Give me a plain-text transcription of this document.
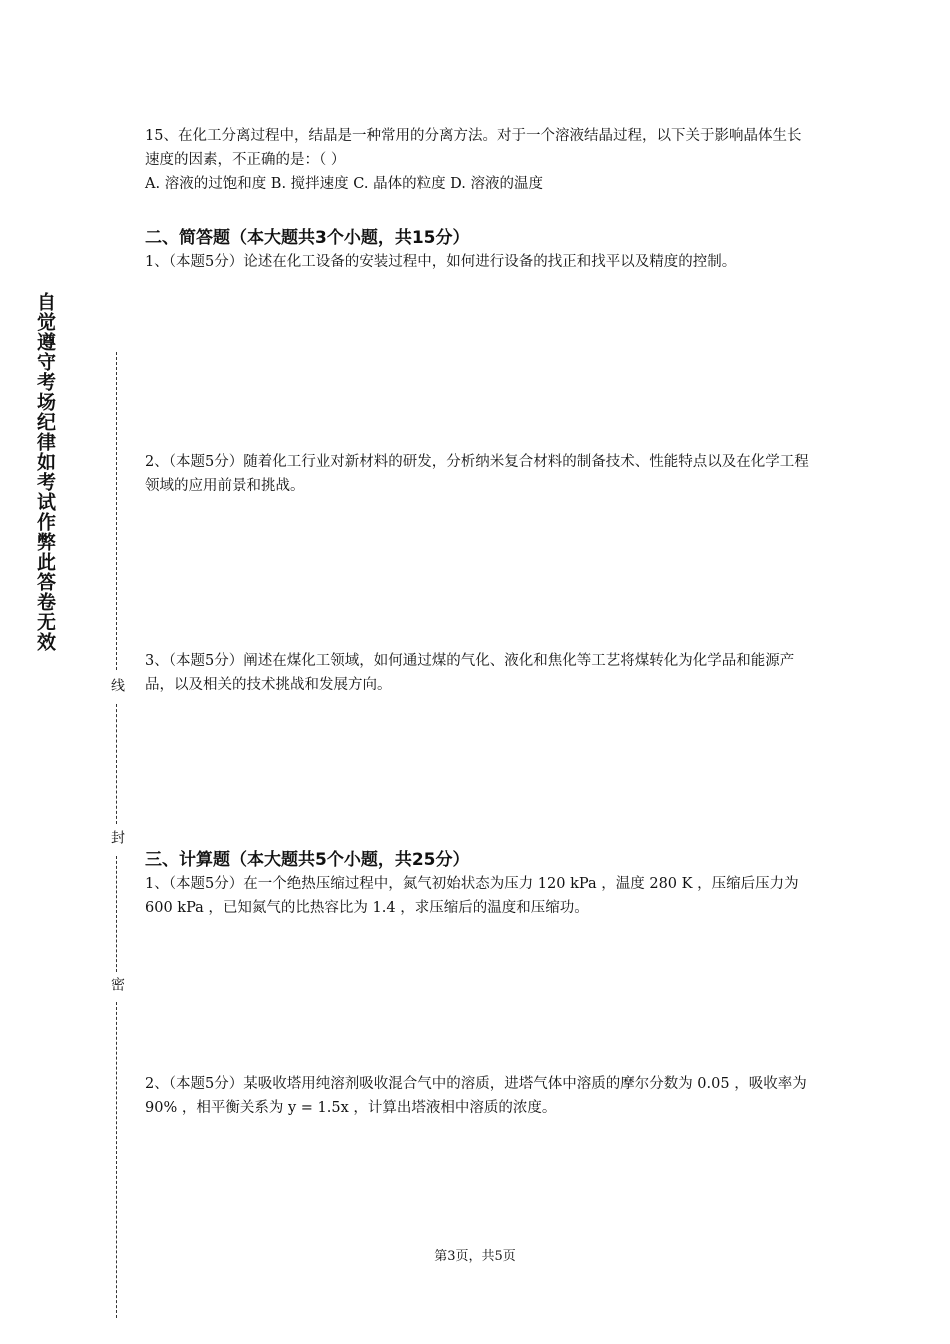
自觉遵守考场纪律如考试作弊此答卷无效
线
封
密

15、在化工分离过程中，结晶是一种常用的分离方法。对于一个溶液结晶过程，以下关于影响晶体生长速度的因素，不正确的是：（ ）

A. 溶液的过饱和度 B. 搅拌速度 C. 晶体的粒度 D. 溶液的温度

二、简答题（本大题共3个小题，共15分）

1、（本题5分）论述在化工设备的安装过程中，如何进行设备的找正和找平以及精度的控制。

2、（本题5分）随着化工行业对新材料的研发，分析纳米复合材料的制备技术、性能特点以及在化学工程领域的应用前景和挑战。

3、（本题5分）阐述在煤化工领域，如何通过煤的气化、液化和焦化等工艺将煤转化为化学品和能源产品，以及相关的技术挑战和发展方向。

三、计算题（本大题共5个小题，共25分）

1、（本题5分）在一个绝热压缩过程中，氮气初始状态为压力 120 kPa ，温度 280 K ，压缩后压力为 600 kPa ，已知氮气的比热容比为 1.4 ，求压缩后的温度和压缩功。

2、（本题5分）某吸收塔用纯溶剂吸收混合气中的溶质，进塔气体中溶质的摩尔分数为 0.05 ，吸收率为 90% ，相平衡关系为 y = 1.5x ，计算出塔液相中溶质的浓度。

第3页，共5页
